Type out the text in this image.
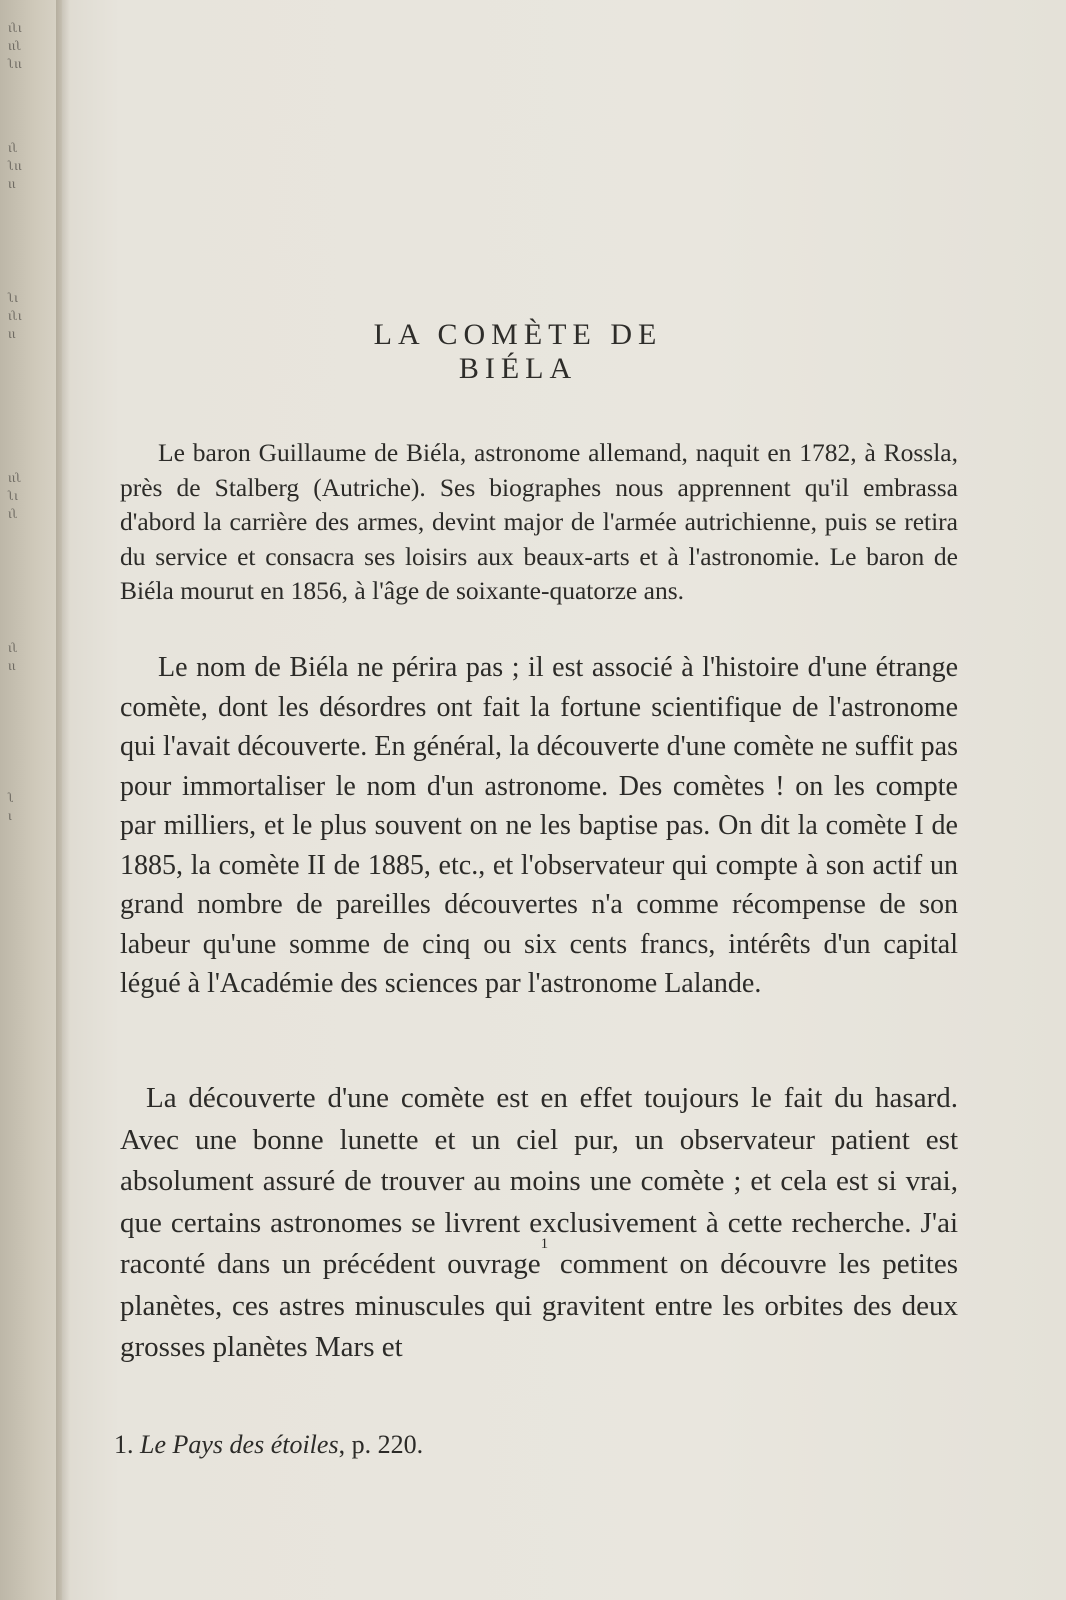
ɩʅɩ
ɩɩʅ
ʅɩɩ
ɩʅ
ʅɩɩ
ɩɩ
ʅɩ
ɩʅɩ
ɩɩ
ɩɩʅ
ʅɩ
ɩʅ
ɩʅ
ɩɩ
ʅ
ɩ
LA COMÈTE DE BIÉLA

Le baron Guillaume de Biéla, astronome allemand, naquit en 1782, à Rossla, près de Stalberg (Autriche). Ses biographes nous apprennent qu'il embrassa d'abord la carrière des armes, devint major de l'armée autrichienne, puis se retira du service et consacra ses loisirs aux beaux-arts et à l'astronomie. Le baron de Biéla mourut en 1856, à l'âge de soixante-quatorze ans.

Le nom de Biéla ne périra pas ; il est associé à l'histoire d'une étrange comète, dont les désordres ont fait la fortune scientifique de l'astronome qui l'avait découverte. En général, la découverte d'une comète ne suffit pas pour immortaliser le nom d'un astronome. Des comètes ! on les compte par milliers, et le plus souvent on ne les baptise pas. On dit la comète I de 1885, la comète II de 1885, etc., et l'observateur qui compte à son actif un grand nombre de pareilles découvertes n'a comme récompense de son labeur qu'une somme de cinq ou six cents francs, intérêts d'un capital légué à l'Académie des sciences par l'astronome Lalande.

La découverte d'une comète est en effet toujours le fait du hasard. Avec une bonne lunette et un ciel pur, un observateur patient est absolument assuré de trouver au moins une comète ; et cela est si vrai, que certains astronomes se livrent exclusivement à cette recherche. J'ai raconté dans un précédent ouvrage$^1$ comment on découvre les petites planètes, ces astres minuscules qui gravitent entre les orbites des deux grosses planètes Mars et

1. Le Pays des étoiles, p. 220.
